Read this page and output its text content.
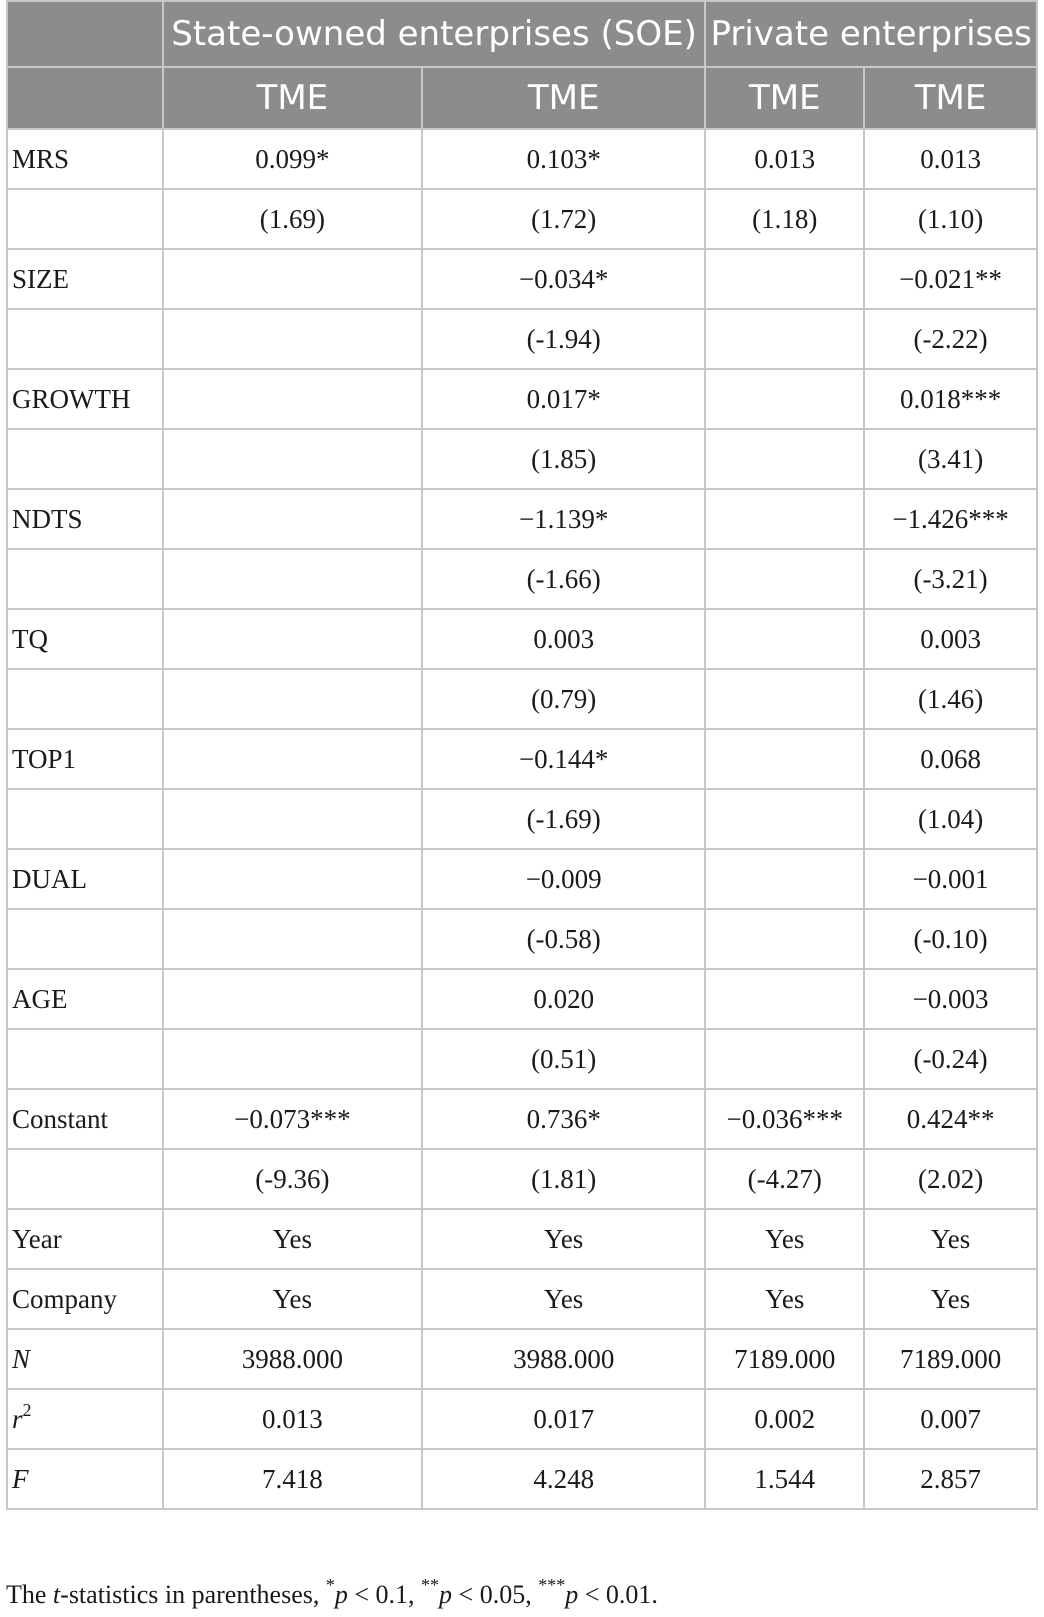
	State-owned enterprises (SOE)		Private enterprises	
	TME	TME	TME	TME
MRS	0.099*	0.103*	0.013	0.013
	(1.69)	(1.72)	(1.18)	(1.10)
SIZE		−0.034*		−0.021**
		(-1.94)		(-2.22)
GROWTH		0.017*		0.018***
		(1.85)		(3.41)
NDTS		−1.139*		−1.426***
		(-1.66)		(-3.21)
TQ		0.003		0.003
		(0.79)		(1.46)
TOP1		−0.144*		0.068
		(-1.69)		(1.04)
DUAL		−0.009		−0.001
		(-0.58)		(-0.10)
AGE		0.020		−0.003
		(0.51)		(-0.24)
Constant	−0.073***	0.736*	−0.036***	0.424**
	(-9.36)	(1.81)	(-4.27)	(2.02)
Year	Yes	Yes	Yes	Yes
Company	Yes	Yes	Yes	Yes
N	3988.000	3988.000	7189.000	7189.000
$r^2$	0.013	0.017	0.002	0.007
F	7.418	4.248	1.544	2.857
The t-statistics in parentheses, *p < 0.1, **p < 0.05, ***p < 0.01.
